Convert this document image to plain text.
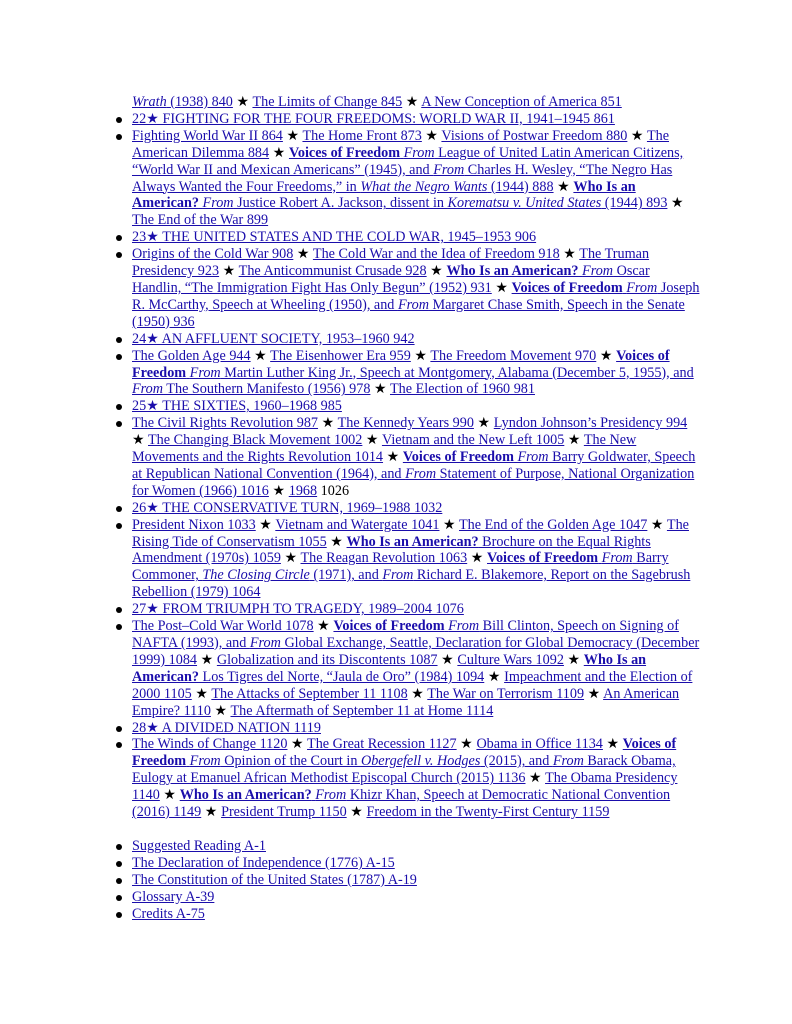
Wrath (1938) 840 ★ The Limits of Change 845 ★ A New Conception of America 851
22★ FIGHTING FOR THE FOUR FREEDOMS: WORLD WAR II, 1941–1945 861
Fighting World War II 864 ★ The Home Front 873 ★ Visions of Postwar Freedom 880 ★ The American Dilemma 884 ★ Voices of Freedom From League of United Latin American Citizens, “World War II and Mexican Americans” (1945), and From Charles H. Wesley, “The Negro Has Always Wanted the Four Freedoms,” in What the Negro Wants (1944) 888 ★ Who Is an American? From Justice Robert A. Jackson, dissent in Korematsu v. United States (1944) 893 ★ The End of the War 899
23★ THE UNITED STATES AND THE COLD WAR, 1945–1953 906
Origins of the Cold War 908 ★ The Cold War and the Idea of Freedom 918 ★ The Truman Presidency 923 ★ The Anticommunist Crusade 928 ★ Who Is an American? From Oscar Handlin, “The Immigration Fight Has Only Begun” (1952) 931 ★ Voices of Freedom From Joseph R. McCarthy, Speech at Wheeling (1950), and From Margaret Chase Smith, Speech in the Senate (1950) 936
24★ AN AFFLUENT SOCIETY, 1953–1960 942
The Golden Age 944 ★ The Eisenhower Era 959 ★ The Freedom Movement 970 ★ Voices of Freedom From Martin Luther King Jr., Speech at Montgomery, Alabama (December 5, 1955), and From The Southern Manifesto (1956) 978 ★ The Election of 1960 981
25★ THE SIXTIES, 1960–1968 985
The Civil Rights Revolution 987 ★ The Kennedy Years 990 ★ Lyndon Johnson’s Presidency 994 ★ The Changing Black Movement 1002 ★ Vietnam and the New Left 1005 ★ The New Movements and the Rights Revolution 1014 ★ Voices of Freedom From Barry Goldwater, Speech at Republican National Convention (1964), and From Statement of Purpose, National Organization for Women (1966) 1016 ★ 1968 1026
26★ THE CONSERVATIVE TURN, 1969–1988 1032
President Nixon 1033 ★ Vietnam and Watergate 1041 ★ The End of the Golden Age 1047 ★ The Rising Tide of Conservatism 1055 ★ Who Is an American? Brochure on the Equal Rights Amendment (1970s) 1059 ★ The Reagan Revolution 1063 ★ Voices of Freedom From Barry Commoner, The Closing Circle (1971), and From Richard E. Blakemore, Report on the Sagebrush Rebellion (1979) 1064
27★ FROM TRIUMPH TO TRAGEDY, 1989–2004 1076
The Post–Cold War World 1078 ★ Voices of Freedom From Bill Clinton, Speech on Signing of NAFTA (1993), and From Global Exchange, Seattle, Declaration for Global Democracy (December 1999) 1084 ★ Globalization and its Discontents 1087 ★ Culture Wars 1092 ★ Who Is an American? Los Tigres del Norte, “Jaula de Oro” (1984) 1094 ★ Impeachment and the Election of 2000 1105 ★ The Attacks of September 11 1108 ★ The War on Terrorism 1109 ★ An American Empire? 1110 ★ The Aftermath of September 11 at Home 1114
28★ A DIVIDED NATION 1119
The Winds of Change 1120 ★ The Great Recession 1127 ★ Obama in Office 1134 ★ Voices of Freedom From Opinion of the Court in Obergefell v. Hodges (2015), and From Barack Obama, Eulogy at Emanuel African Methodist Episcopal Church (2015) 1136 ★ The Obama Presidency 1140 ★ Who Is an American? From Khizr Khan, Speech at Democratic National Convention (2016) 1149 ★ President Trump 1150 ★ Freedom in the Twenty-First Century 1159
Suggested Reading A-1
The Declaration of Independence (1776) A-15
The Constitution of the United States (1787) A-19
Glossary A-39
Credits A-75
